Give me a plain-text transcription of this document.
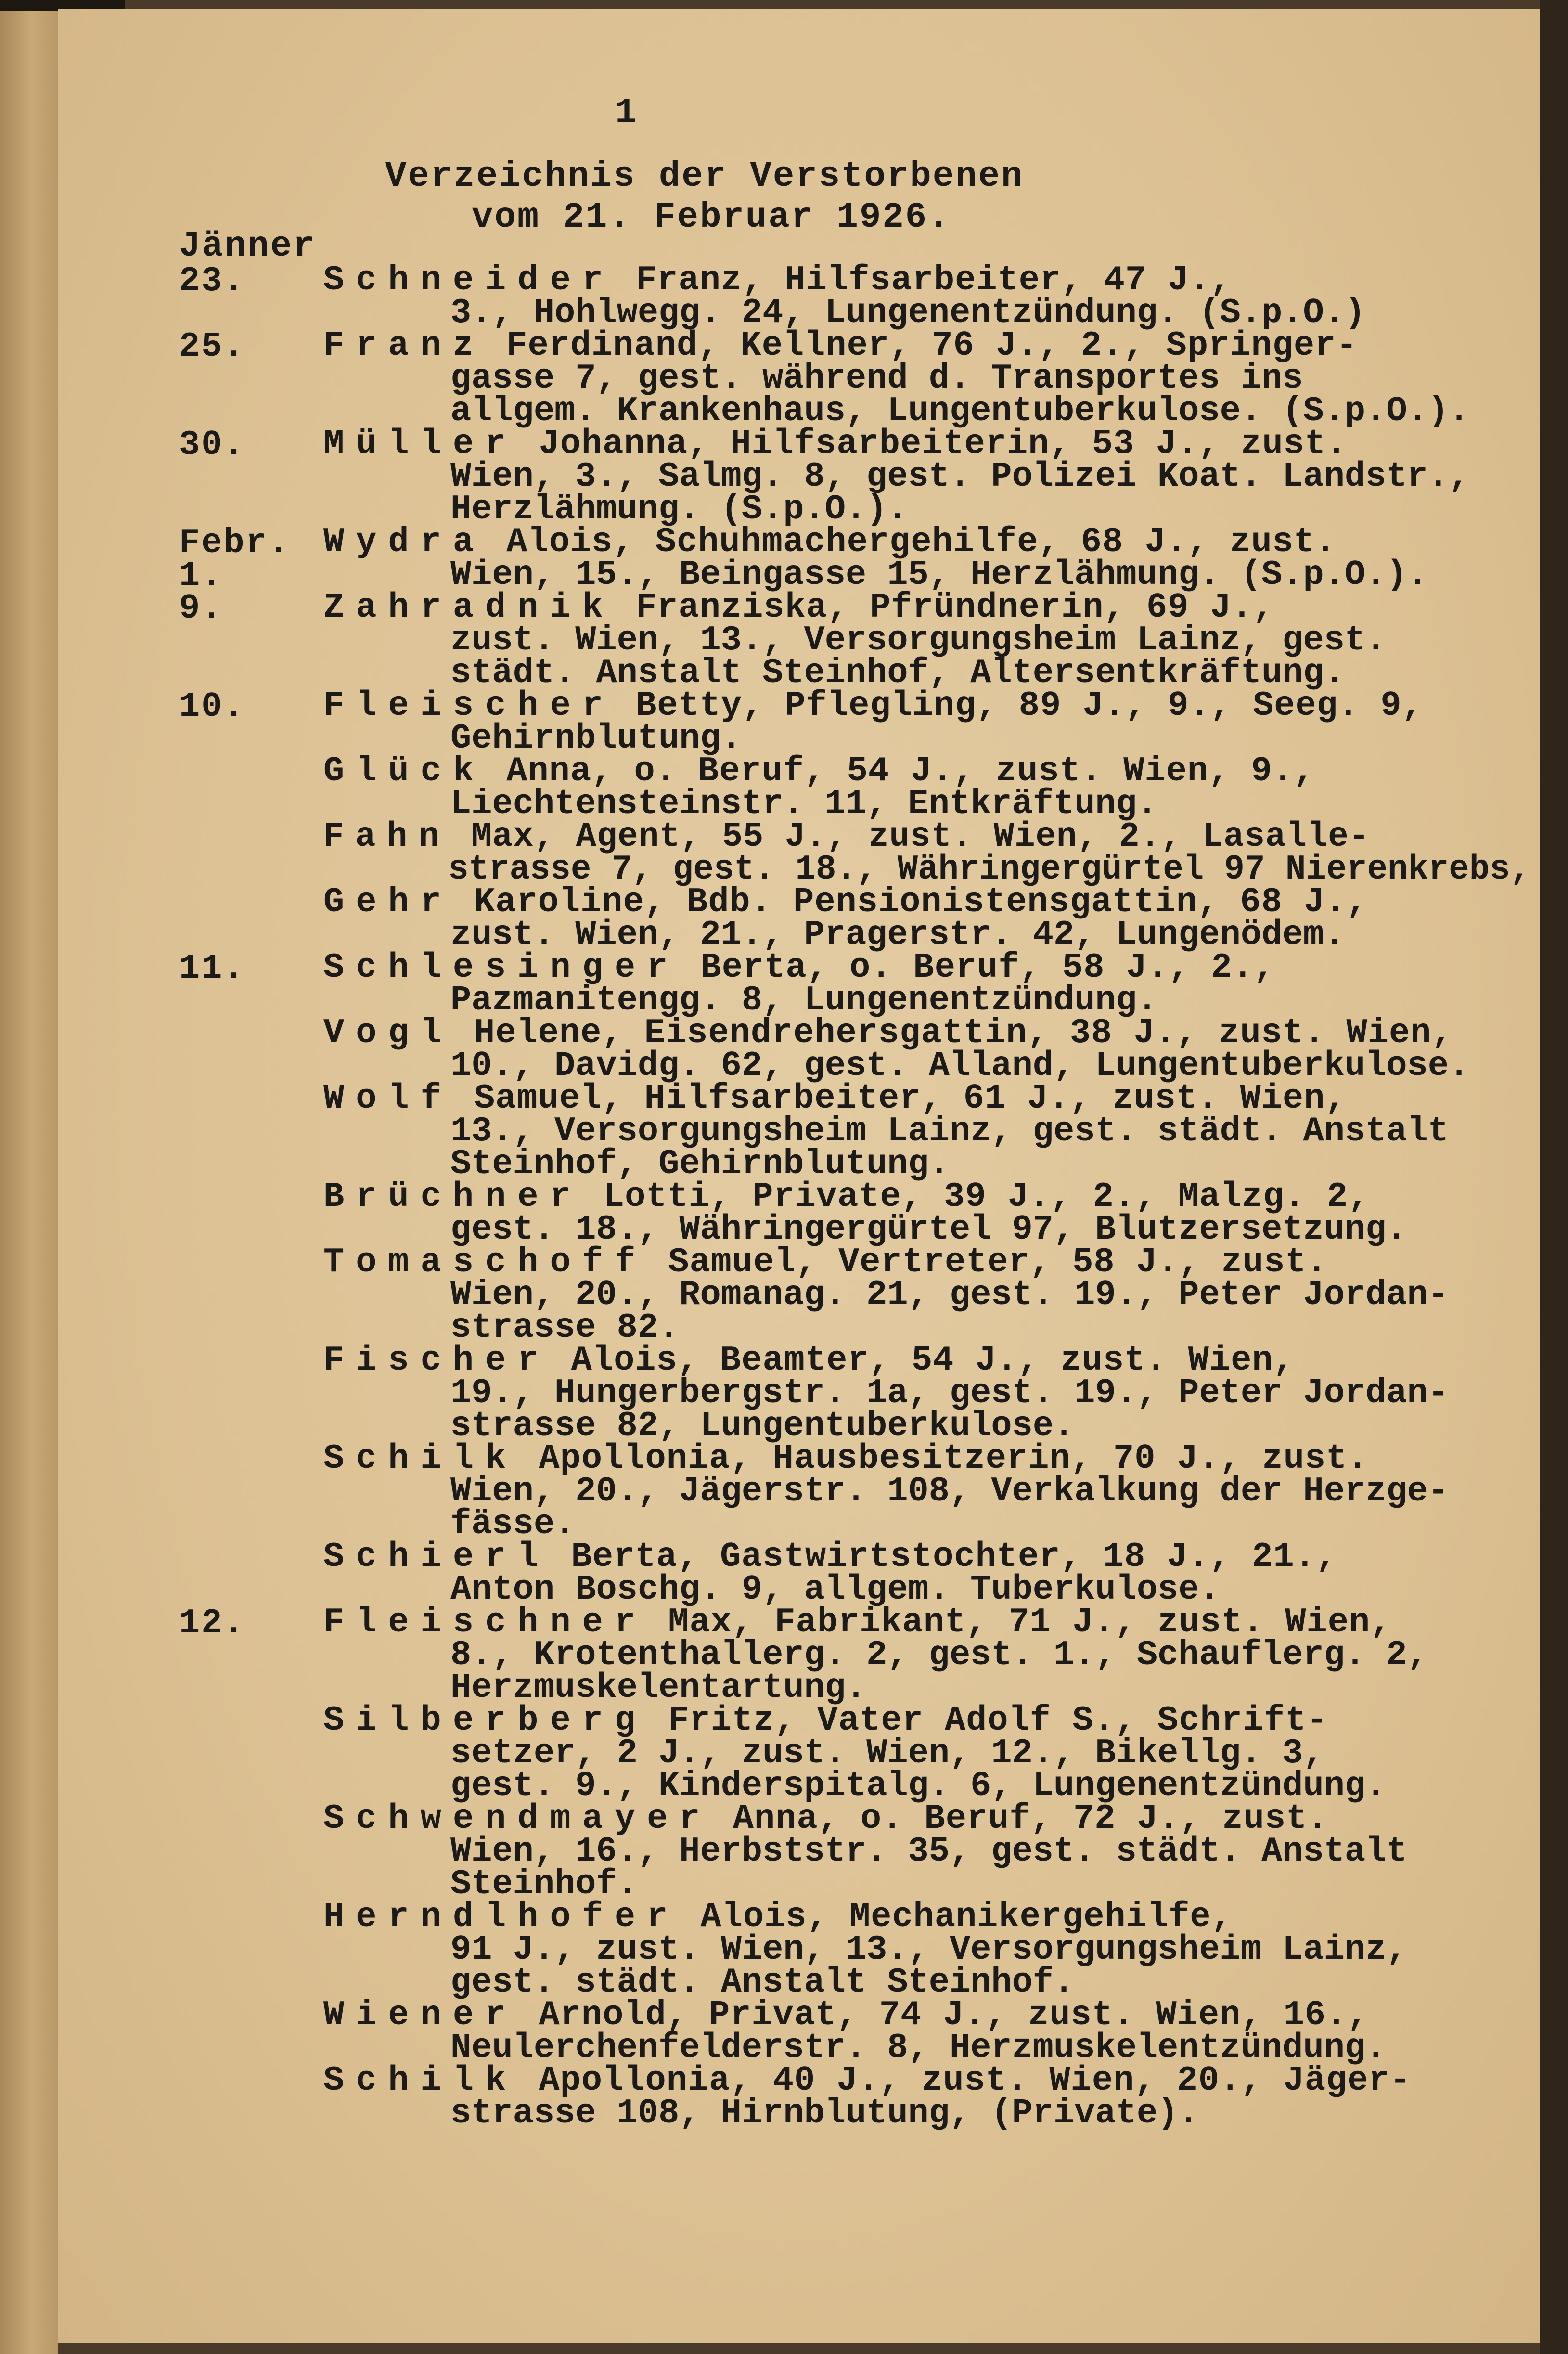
1
Verzeichnis der Verstorbenen
vom 21. Februar 1926.
Jänner
23. Schneider Franz, Hilfsarbeiter, 47 J.,
3., Hohlwegg. 24, Lungenentzündung. (S.p.O.)
25. Franz Ferdinand, Kellner, 76 J., 2., Springer-
gasse 7, gest. während d. Transportes ins
allgem. Krankenhaus, Lungentuberkulose. (S.p.O.).
30. Müller Johanna, Hilfsarbeiterin, 53 J., zust.
Wien, 3., Salmg. 8, gest. Polizei Koat. Landstr.,
Herzlähmung. (S.p.O.).
Febr.
1.
Wydra Alois, Schuhmachergehilfe, 68 J., zust.
Wien, 15., Beingasse 15, Herzlähmung. (S.p.O.).
9.	Zahradnik Franziska, Pfründnerin, 69 J.,
zust. Wien, 13., Versorgungsheim Lainz, gest.
städt. Anstalt Steinhof, Altersentkräftung.
10. Fleischer Betty, Pflegling, 89 J., 9., Seeg. 9,
Gehirnblutung.
Glück Anna, o. Beruf, 54 J., zust. Wien, 9.,
Liechtensteinstr. 11, Entkräftung.
Fahn Max, Agent, 55 J., zust. Wien, 2., Lasalle-
strasse 7, gest. 18., Währingergürtel 97 Nierenkrebs,
Gehr Karoline, Bdb. Pensionistensgattin, 68 J.,
zust. Wien, 21., Pragerstr. 42, Lungenödem.
11. Schlesinger Berta, o. Beruf, 58 J., 2.,
Pazmanitengg. 8, Lungenentzündung.
Vogl Helene, Eisendrehersgattin, 38 J., zust. Wien,
10., Davidg. 62, gest. Alland, Lungentuberkulose.
Wolf Samuel, Hilfsarbeiter, 61 J., zust. Wien,
13., Versorgungsheim Lainz, gest. städt. Anstalt
Steinhof, Gehirnblutung.
Brüchner Lotti, Private, 39 J., 2., Malzg. 2,
gest. 18., Währingergürtel 97, Blutzersetzung.
Tomaschoff Samuel, Vertreter, 58 J., zust.
Wien, 20., Romanag. 21, gest. 19., Peter Jordan-
strasse 82.
Fischer Alois, Beamter, 54 J., zust. Wien,
19., Hungerbergstr. 1a, gest. 19., Peter Jordan-
strasse 82, Lungentuberkulose.
Schilk Apollonia, Hausbesitzerin, 70 J., zust.
Wien, 20., Jägerstr. 108, Verkalkung der Herzge-
fässe.
Schierl Berta, Gastwirtstochter, 18 J., 21.,
Anton Boschg. 9, allgem. Tuberkulose.
12. Fleischner Max, Fabrikant, 71 J., zust. Wien,
8., Krotenthallerg. 2, gest. 1., Schauflerg. 2,
Herzmuskelentartung.
Silberberg Fritz, Vater Adolf S., Schrift-
setzer, 2 J., zust. Wien, 12., Bikellg. 3,
gest. 9., Kinderspitalg. 6, Lungenentzündung.
Schwendmayer Anna, o. Beruf, 72 J., zust.
Wien, 16., Herbststr. 35, gest. städt. Anstalt
Steinhof.
Herndlhofer Alois, Mechanikergehilfe,
91 J., zust. Wien, 13., Versorgungsheim Lainz,
gest. städt. Anstalt Steinhof.
Wiener Arnold, Privat, 74 J., zust. Wien, 16.,
Neulerchenfelderstr. 8, Herzmuskelentzündung.
Schilk Apollonia, 40 J., zust. Wien, 20., Jäger-
strasse 108, Hirnblutung, (Private).
